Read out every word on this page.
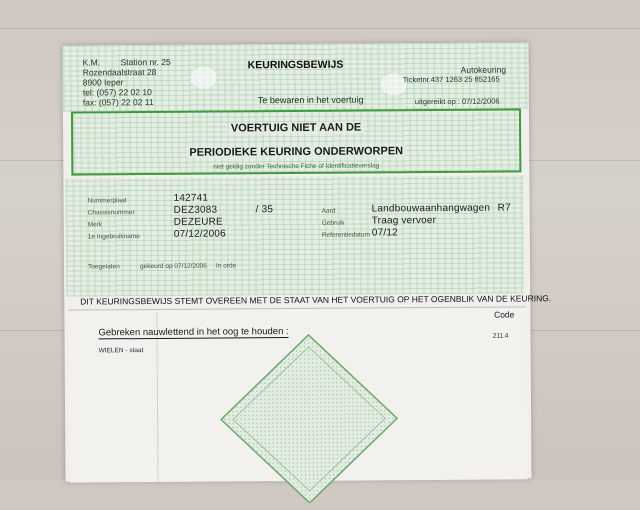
K.M. Station nr. 25
Rozendaalstraat 28
8900 Ieper
tel: (057) 22 02 10
fax: (057) 22 02 11
KEURINGSBEWIJS
Te bewaren in het voertuig
Autokeuring
Ticketnr.437 1263 25 852165
uitgereikt op : 07/12/2006
VOERTUIG NIET AAN DE
PERIODIEKE KEURING ONDERWORPEN
niet geldig zonder Technische Fiche of Identificatieverslag
Nummerplaat	142741
Chassisnummer	DEZ3083	/ 35
Merk	DEZEURE
1e Ingebruikname	07/12/2006
Aard	Landbouwaanhangwagen R7
Gebruik	Traag vervoer
Referentiedatum 07/12
Toegelaten	gekeurd op 07/12/2006 In orde
DIT KEURINGSBEWIJS STEMT OVEREEN MET DE STAAT VAN HET VOERTUIG OP HET OGENBLIK VAN DE KEURING.
Code
Gebreken nauwlettend in het oog te houden :
WIELEN - staat
211.4
